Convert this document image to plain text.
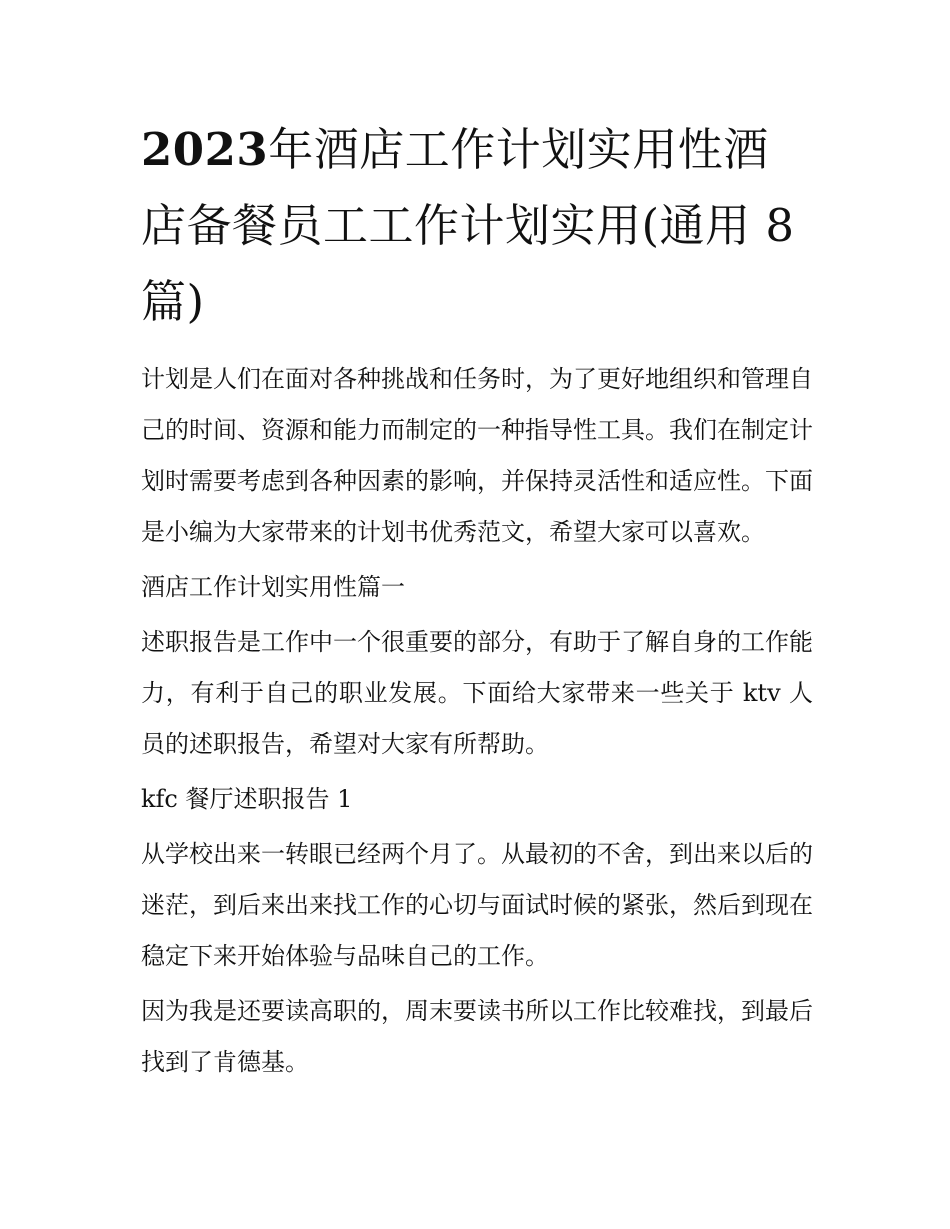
2023年酒店工作计划实用性酒店备餐员工工作计划实用(通用 8 篇)

计划是人们在面对各种挑战和任务时，为了更好地组织和管理自己的时间、资源和能力而制定的一种指导性工具。我们在制定计划时需要考虑到各种因素的影响，并保持灵活性和适应性。下面是小编为大家带来的计划书优秀范文，希望大家可以喜欢。

酒店工作计划实用性篇一

述职报告是工作中一个很重要的部分，有助于了解自身的工作能力，有利于自己的职业发展。下面给大家带来一些关于 ktv 人员的述职报告，希望对大家有所帮助。

kfc 餐厅述职报告 1

从学校出来一转眼已经两个月了。从最初的不舍，到出来以后的迷茫，到后来出来找工作的心切与面试时候的紧张，然后到现在稳定下来开始体验与品味自己的工作。

因为我是还要读高职的，周末要读书所以工作比较难找，到最后找到了肯德基。
